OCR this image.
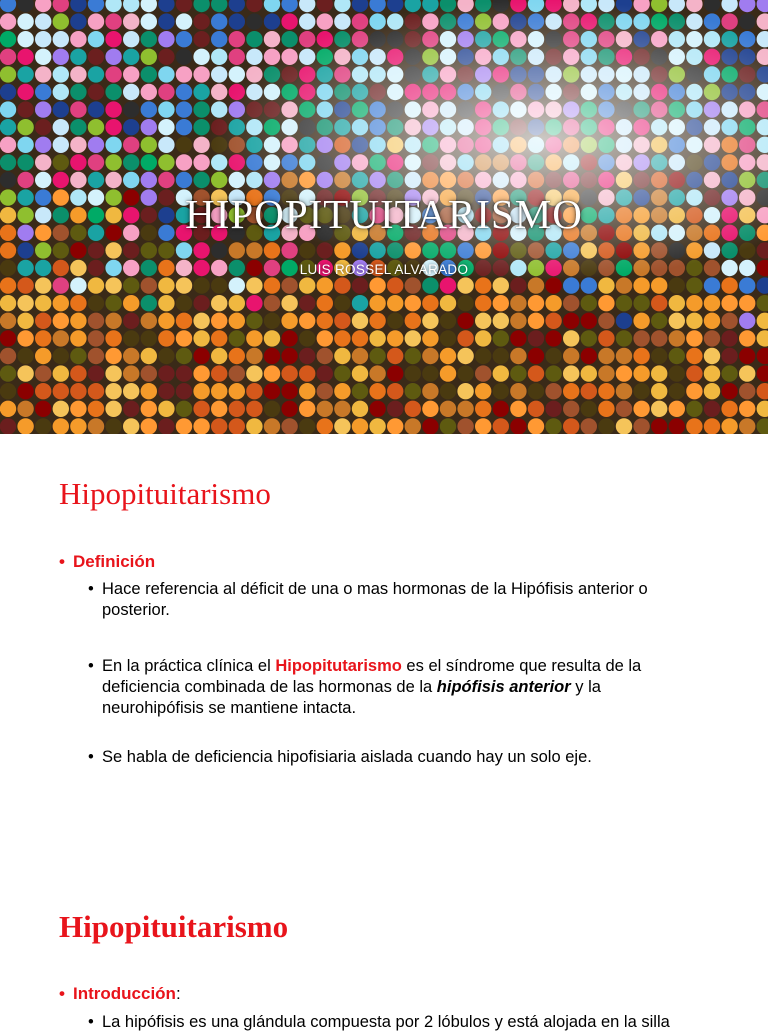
HIPOPITUITARISMO
LUIS ROSSEL ALVARADO
Hipopituitarismo
• Definición
• Hace referencia al déficit de una o mas hormonas de la Hipófisis anterior o posterior.
• En la práctica clínica el Hipopitutarismo es el síndrome que resulta de la deficiencia combinada de las hormonas de la hipófisis anterior y la neurohipófisis se mantiene intacta.
• Se habla de deficiencia hipofisiaria aislada cuando hay un solo eje.
Hipopituitarismo
• Introducción :
• La hipófisis es una glándula compuesta por 2 lóbulos y está alojada en la silla
